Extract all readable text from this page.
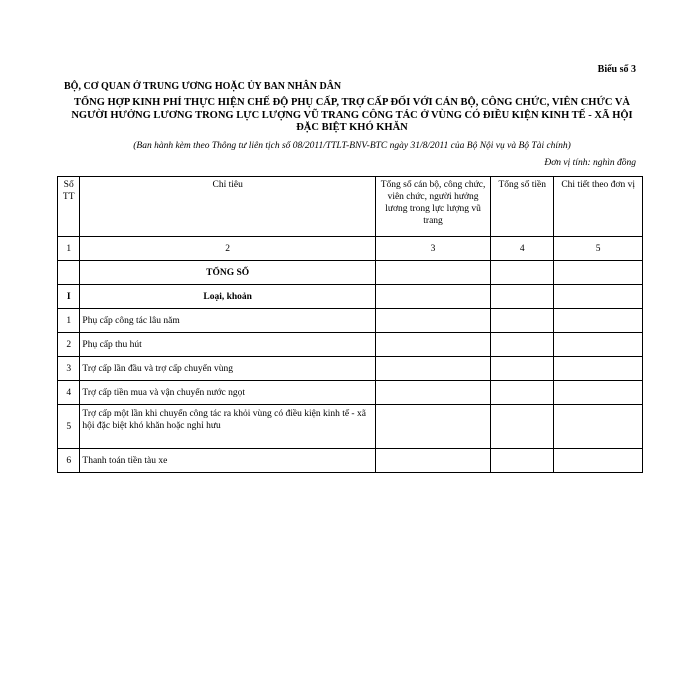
Biểu số 3
BỘ, CƠ QUAN Ở TRUNG ƯƠNG HOẶC ỦY BAN NHÂN DÂN
TỔNG HỢP KINH PHÍ THỰC HIỆN CHẾ ĐỘ PHỤ CẤP, TRỢ CẤP ĐỐI VỚI CÁN BỘ, CÔNG CHỨC, VIÊN CHỨC VÀ
NGƯỜI HƯỞNG LƯƠNG TRONG LỰC LƯỢNG VŨ TRANG CÔNG TÁC Ở VÙNG CÓ ĐIỀU KIỆN KINH TẾ - XÃ HỘI
ĐẶC BIỆT KHÓ KHĂN
(Ban hành kèm theo Thông tư liên tịch số 08/2011/TTLT-BNV-BTC ngày 31/8/2011 của Bộ Nội vụ và Bộ Tài chính)
Đơn vị tính: nghìn đồng
Số TT	Chỉ tiêu	Tổng số cán bộ, công chức, viên chức, người hưởng lương trong lực lượng vũ trang	Tổng số tiền	Chi tiết theo đơn vị
1	2	3	4	5
	TỔNG SỐ			
I	Loại, khoản			
1	Phụ cấp công tác lâu năm			
2	Phụ cấp thu hút			
3	Trợ cấp lần đầu và trợ cấp chuyển vùng			
4	Trợ cấp tiền mua và vận chuyển nước ngọt			
5	Trợ cấp một lần khi chuyển công tác ra khỏi vùng có điều kiện kinh tế - xã hội đặc biệt khó khăn hoặc nghỉ hưu			
6	Thanh toán tiền tàu xe			
